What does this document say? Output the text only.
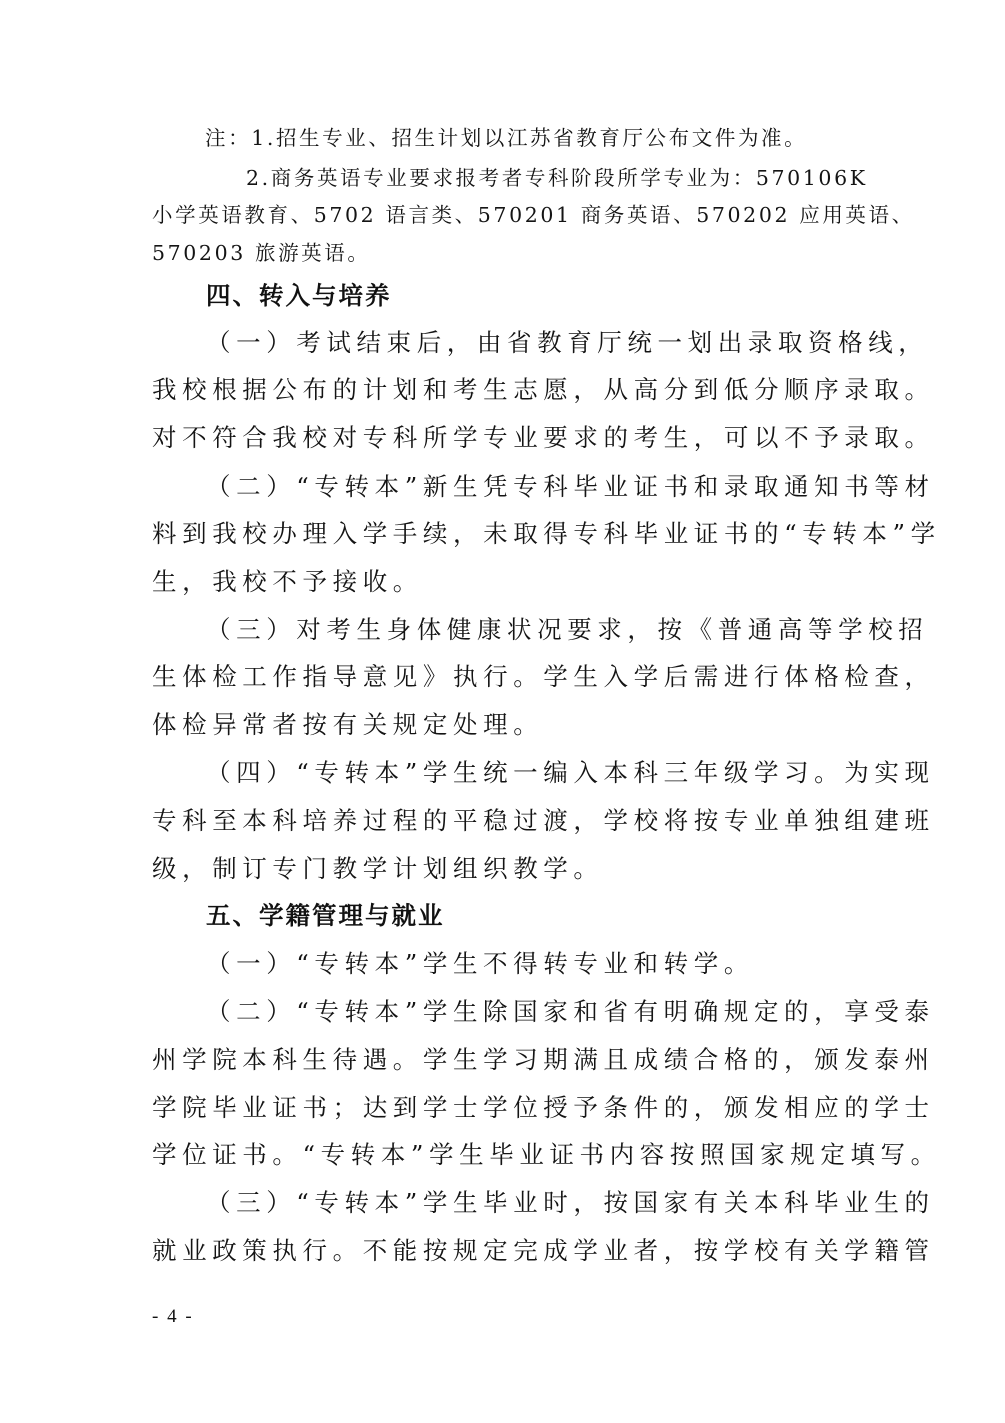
注：1.招生专业、招生计划以江苏省教育厅公布文件为准。
2.商务英语专业要求报考者专科阶段所学专业为：570106K
小学英语教育、5702 语言类、570201 商务英语、570202 应用英语、
570203 旅游英语。
四、转入与培养
（一）考试结束后，由省教育厅统一划出录取资格线，
我校根据公布的计划和考生志愿，从高分到低分顺序录取。
对不符合我校对专科所学专业要求的考生，可以不予录取。
（二）“专转本”新生凭专科毕业证书和录取通知书等材
料到我校办理入学手续，未取得专科毕业证书的“专转本”学
生，我校不予接收。
（三）对考生身体健康状况要求，按《普通高等学校招
生体检工作指导意见》执行。学生入学后需进行体格检查，
体检异常者按有关规定处理。
（四）“专转本”学生统一编入本科三年级学习。为实现
专科至本科培养过程的平稳过渡，学校将按专业单独组建班
级，制订专门教学计划组织教学。
五、学籍管理与就业
（一）“专转本”学生不得转专业和转学。
（二）“专转本”学生除国家和省有明确规定的，享受泰
州学院本科生待遇。学生学习期满且成绩合格的，颁发泰州
学院毕业证书；达到学士学位授予条件的，颁发相应的学士
学位证书。“专转本”学生毕业证书内容按照国家规定填写。
（三）“专转本”学生毕业时，按国家有关本科毕业生的
就业政策执行。不能按规定完成学业者，按学校有关学籍管
- 4 -
